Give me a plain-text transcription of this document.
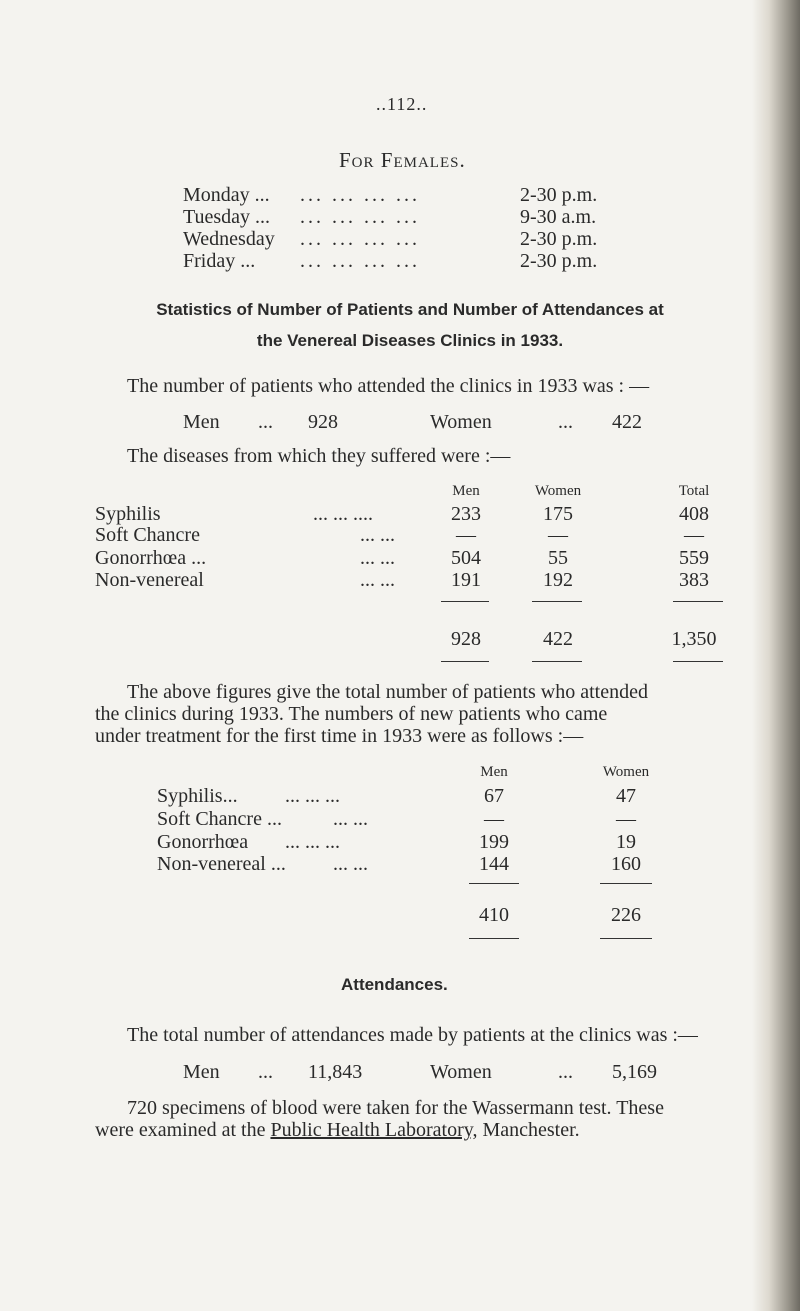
..112..
For Females.
Monday ... ... ... ... ...	2-30 p.m.
Tuesday ... ... ... ... ...	9-30 a.m.
Wednesday ... ... ... ...	2-30 p.m.
Friday ... ... ... ... ...	2-30 p.m.
Statistics of Number of Patients and Number of Attendances at
the Venereal Diseases Clinics in 1933.
The number of patients who attended the clinics in 1933 was : —
Men ... 928	Women	... 422
The diseases from which they suffered were :—
Men	Women	Total
Syphilis	... ... ....	233	175	408
Soft Chancre	... ...	—	—	—
Gonorrhœa ...	... ...	504	55	559
Non-venereal	... ...	191	192	383
928	422	1,350
The above figures give the total number of patients who attended
the clinics during 1933. The numbers of new patients who came
under treatment for the first time in 1933 were as follows :—
Men	Women
Syphilis... ... ... ...	67	47
Soft Chancre ...	... ...	—	—
Gonorrhœa ... ... ...	199	19
Non-venereal ... ... ...	144	160
410	226
Attendances.
The total number of attendances made by patients at the clinics was :—
Men ... 11,843	Women	... 5,169
720 specimens of blood were taken for the Wassermann test. These
were examined at the Public Health Laboratory, Manchester.
